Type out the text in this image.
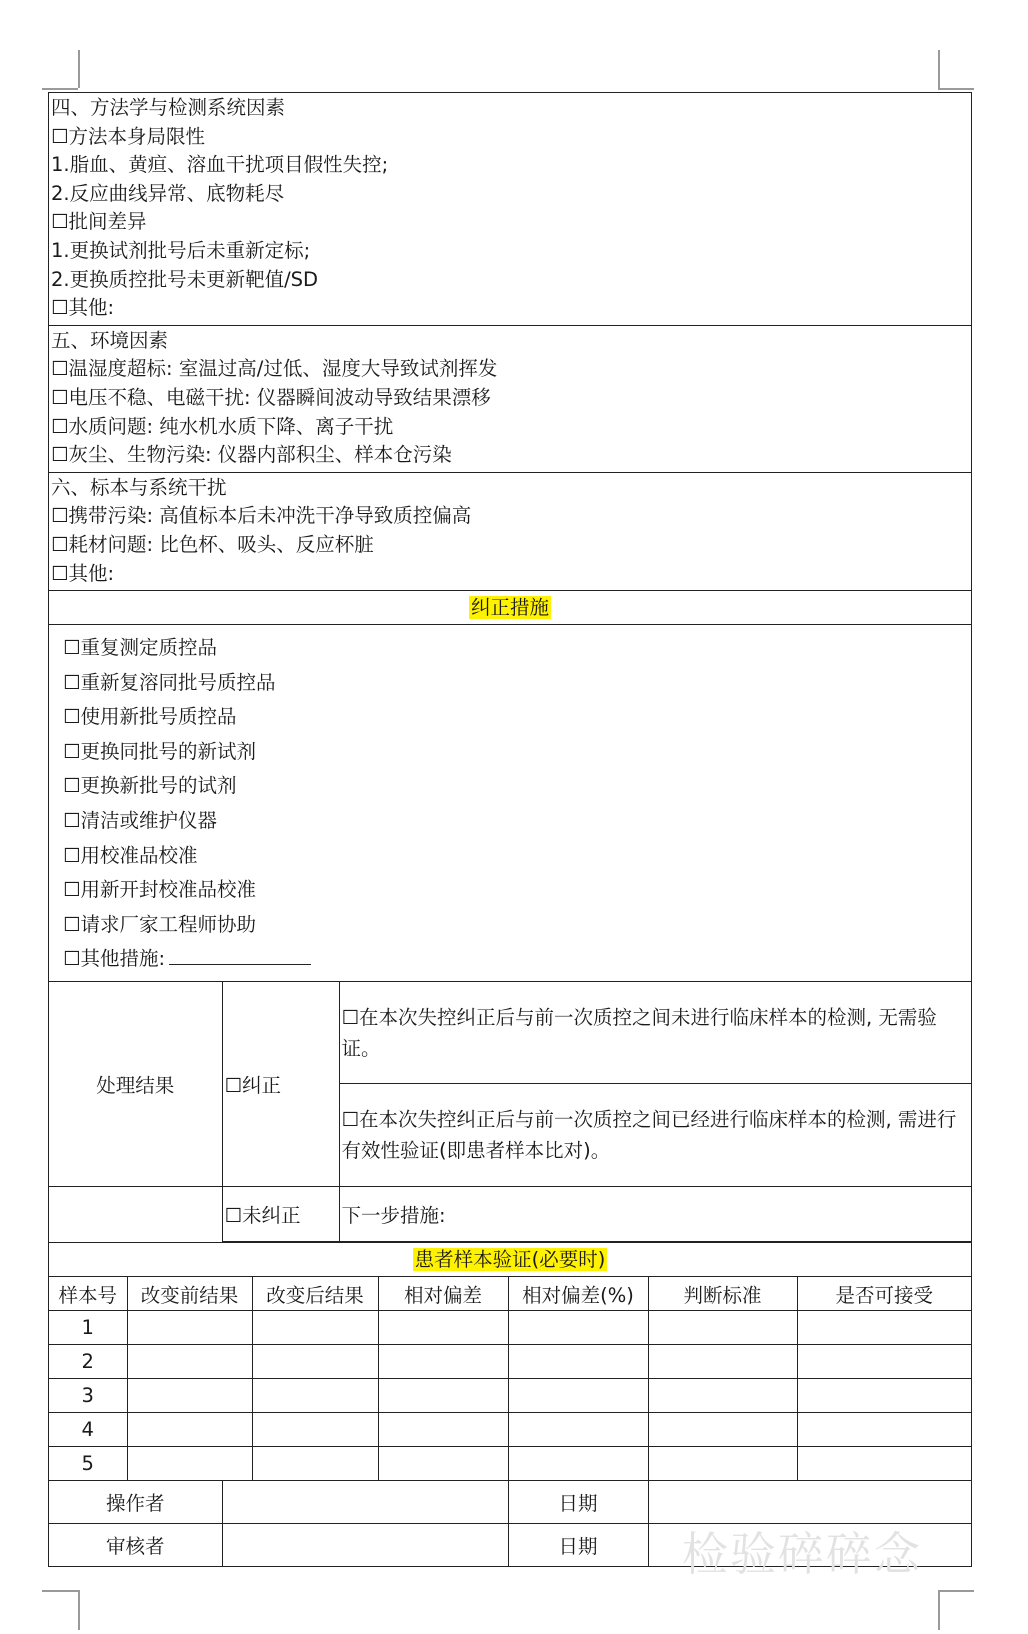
四、方法学与检测系统因素
☐方法本身局限性
1.脂血、黄疸、溶血干扰项目假性失控;
2.反应曲线异常、底物耗尽
☐批间差异
1.更换试剂批号后未重新定标;
2.更换质控批号未更新靶值/SD
☐其他:
五、环境因素
☐温湿度超标: 室温过高/过低、湿度大导致试剂挥发
☐电压不稳、电磁干扰: 仪器瞬间波动导致结果漂移
☐水质问题: 纯水机水质下降、离子干扰
☐灰尘、生物污染: 仪器内部积尘、样本仓污染
六、标本与系统干扰
☐携带污染: 高值标本后未冲洗干净导致质控偏高
☐耗材问题: 比色杯、吸头、反应杯脏
☐其他:
纠正措施
☐重复测定质控品
☐重新复溶同批号质控品
☐使用新批号质控品
☐更换同批号的新试剂
☐更换新批号的试剂
☐清洁或维护仪器
☐用校准品校准
☐用新开封校准品校准
☐请求厂家工程师协助
☐其他措施:
处理结果	☐纠正	☐在本次失控纠正后与前一次质控之间未进行临床样本的检测, 无需验证。
		☐在本次失控纠正后与前一次质控之间已经进行临床样本的检测, 需进行有效性验证(即患者样本比对)。
	☐未纠正	下一步措施:
患者样本验证(必要时)
样本号	改变前结果	改变后结果	相对偏差	相对偏差(%)	判断标准	是否可接受
1						
2						
3						
4						
5						
操作者		日期	
审核者		日期	检验碎碎念
